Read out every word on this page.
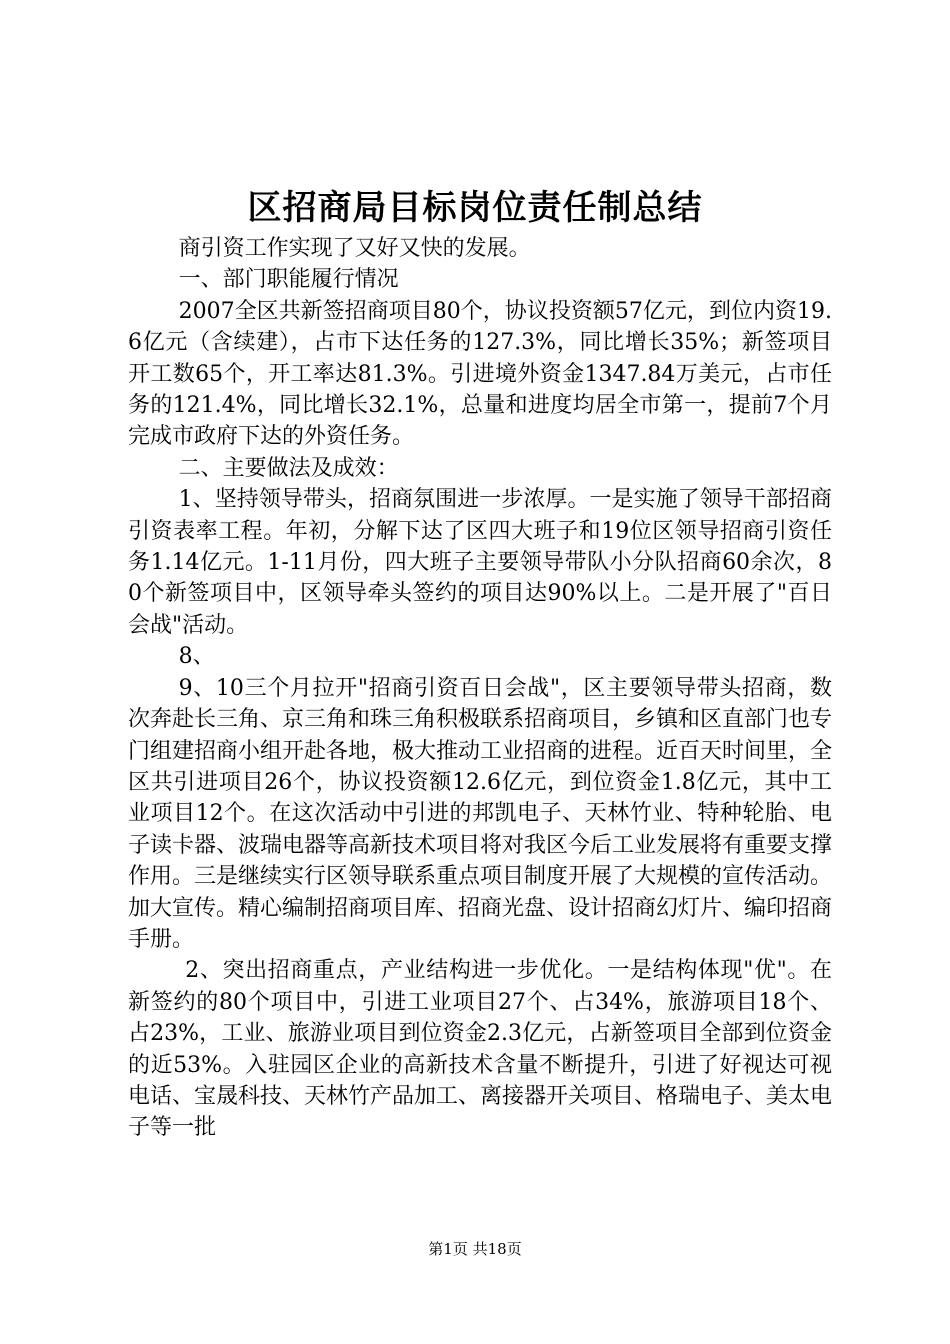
区招商局目标岗位责任制总结

商引资工作实现了又好又快的发展。

一、部门职能履行情况

2007全区共新签招商项目80个，协议投资额57亿元，到位内资19.6亿元（含续建），占市下达任务的127.3%，同比增长35%；新签项目开工数65个，开工率达81.3%。引进境外资金1347.84万美元，占市任务的121.4%，同比增长32.1%，总量和进度均居全市第一，提前7个月完成市政府下达的外资任务。

二、主要做法及成效：

1、坚持领导带头，招商氛围进一步浓厚。一是实施了领导干部招商引资表率工程。年初，分解下达了区四大班子和19位区领导招商引资任务1.14亿元。1-11月份，四大班子主要领导带队小分队招商60余次，80个新签项目中，区领导牵头签约的项目达90%以上。二是开展了"百日会战"活动。

8、

9、10三个月拉开"招商引资百日会战"，区主要领导带头招商，数次奔赴长三角、京三角和珠三角积极联系招商项目，乡镇和区直部门也专门组建招商小组开赴各地，极大推动工业招商的进程。近百天时间里，全区共引进项目26个，协议投资额12.6亿元，到位资金1.8亿元，其中工业项目12个。在这次活动中引进的邦凯电子、天林竹业、特种轮胎、电子读卡器、波瑞电器等高新技术项目将对我区今后工业发展将有重要支撑作用。三是继续实行区领导联系重点项目制度开展了大规模的宣传活动。加大宣传。精心编制招商项目库、招商光盘、设计招商幻灯片、编印招商手册。

2、突出招商重点，产业结构进一步优化。一是结构体现"优"。在新签约的80个项目中，引进工业项目27个、占34%，旅游项目18个、占23%，工业、旅游业项目到位资金2.3亿元，占新签项目全部到位资金的近53%。入驻园区企业的高新技术含量不断提升，引进了好视达可视电话、宝晟科技、天林竹产品加工、离接器开关项目、格瑞电子、美太电子等一批

第1页 共18页
